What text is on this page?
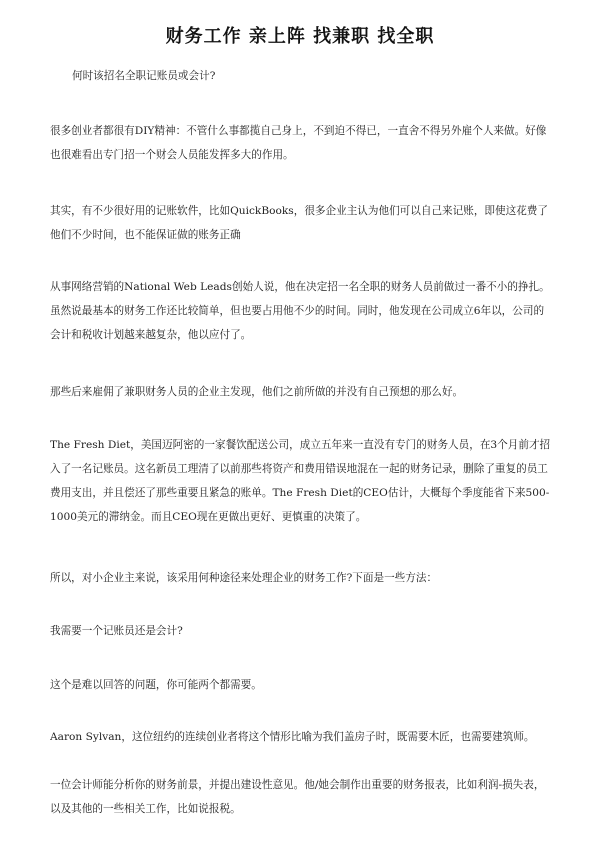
财务工作 亲上阵 找兼职 找全职
何时该招名全职记账员或会计?
很多创业者都很有DIY精神：不管什么事都揽自己身上，不到迫不得已，一直舍不得另外雇个人来做。好像
也很难看出专门招一个财会人员能发挥多大的作用。
其实，有不少很好用的记账软件，比如QuickBooks，很多企业主认为他们可以自己来记账，即使这花费了
他们不少时间，也不能保证做的账务正确
从事网络营销的National Web Leads创始人说，他在决定招一名全职的财务人员前做过一番不小的挣扎。
虽然说最基本的财务工作还比较简单，但也要占用他不少的时间。同时，他发现在公司成立6年以，公司的
会计和税收计划越来越复杂，他以应付了。
那些后来雇佣了兼职财务人员的企业主发现，他们之前所做的并没有自己预想的那么好。
The Fresh Diet，美国迈阿密的一家餐饮配送公司，成立五年来一直没有专门的财务人员，在3个月前才招
入了一名记账员。这名新员工理清了以前那些将资产和费用错误地混在一起的财务记录，删除了重复的员工
费用支出，并且偿还了那些重要且紧急的账单。The Fresh Diet的CEO估计，大概每个季度能省下来500-
1000美元的滞纳金。而且CEO现在更做出更好、更慎重的决策了。
所以，对小企业主来说，该采用何种途径来处理企业的财务工作?下面是一些方法：
我需要一个记账员还是会计?
这个是难以回答的问题，你可能两个都需要。
Aaron Sylvan，这位纽约的连续创业者将这个情形比喻为我们盖房子时，既需要木匠，也需要建筑师。
一位会计师能分析你的财务前景，并提出建设性意见。他/她会制作出重要的财务报表，比如利润-损失表，
以及其他的一些相关工作，比如说报税。
